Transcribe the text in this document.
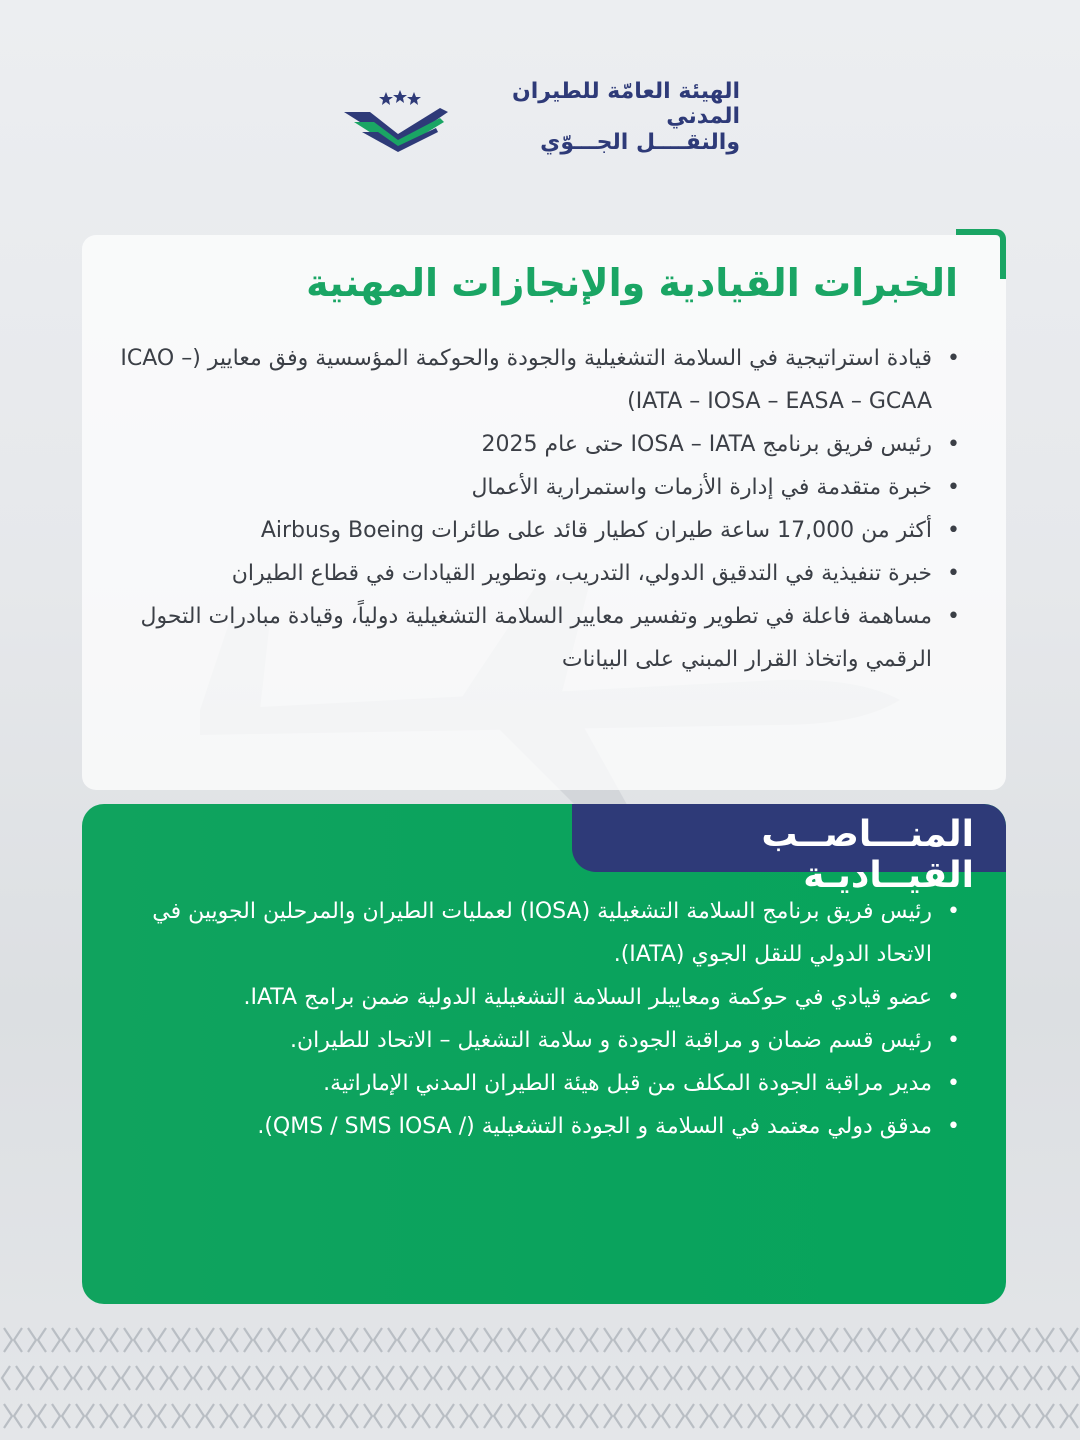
الهيئة العامّة للطيران المدني
والنقــــل الجـــوّي
الخبرات القيادية والإنجازات المهنية
• قيادة استراتيجية في السلامة التشغيلية والجودة والحوكمة المؤسسية وفق معايير (ICAO – IATA – IOSA – EASA – GCAA)
• رئيس فريق برنامج IOSA – IATA حتى عام 2025
• خبرة متقدمة في إدارة الأزمات واستمرارية الأعمال
• أكثر من 17,000 ساعة طيران كطيار قائد على طائرات Boeing وAirbus
• خبرة تنفيذية في التدقيق الدولي، التدريب، وتطوير القيادات في قطاع الطيران
• مساهمة فاعلة في تطوير وتفسير معايير السلامة التشغيلية دولياً، وقيادة مبادرات التحول الرقمي واتخاذ القرار المبني على البيانات
المنـــاصــب القيــاديـة
• رئيس فريق برنامج السلامة التشغيلية (IOSA) لعمليات الطيران والمرحلين الجويين في الاتحاد الدولي للنقل الجوي (IATA).
• عضو قيادي في حوكمة ومعاييلر السلامة التشغيلية الدولية ضمن برامج IATA.
• رئيس قسم ضمان و مراقبة الجودة و سلامة التشغيل – الاتحاد للطيران.
• مدير مراقبة الجودة المكلف من قبل هيئة الطيران المدني الإماراتية.
• مدقق دولي معتمد في السلامة و الجودة التشغيلية (/ QMS / SMS IOSA).
